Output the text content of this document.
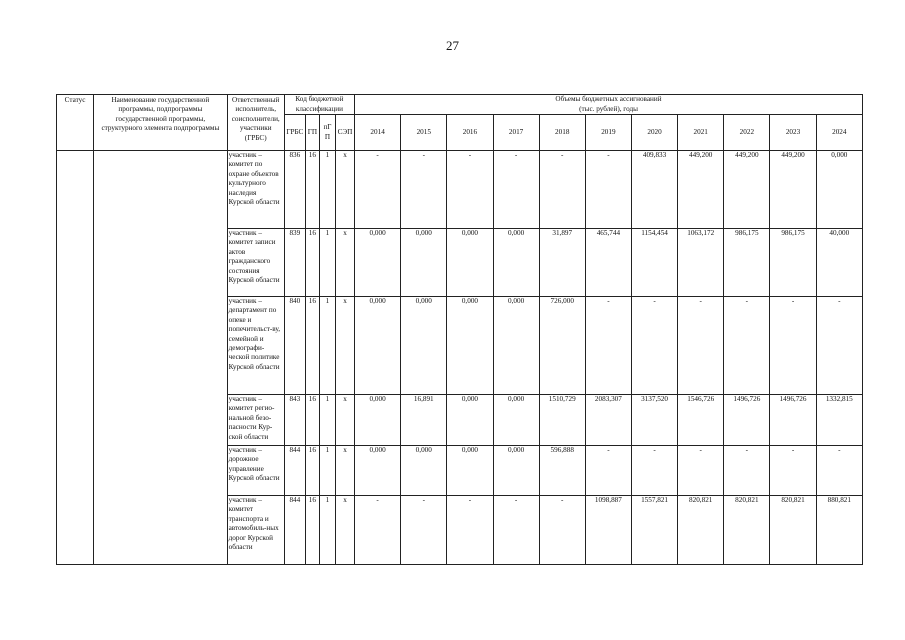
27
Статус	Наименование государственной программы, подпрограммы государственной программы, структурного элемента подпрограммы	Ответственный исполнитель, соисполнители, участники (ГРБС)	Код бюджетной классификации				Объемы бюджетных ассигнований
(тыс. рублей), годы										

			ГРБС	ГП	пГП	СЭП	2014	2015	2016	2017	2018	2019	2020	2021	2022	2023	2024
		участник – комитет по охране объектов культурного наследия Курской области	836	16	1	х	-	-	-	-	-	-	409,833	449,200	449,200	449,200	0,000
		участник – комитет записи актов гражданского состояния Курской области	839	16	1	х	0,000	0,000	0,000	0,000	31,897	465,744	1154,454	1063,172	986,175	986,175	40,000
		участник – департамент по опеке и попечительст-ву, семейной и демографи-ческой политике Курской области	840	16	1	х	0,000	0,000	0,000	0,000	726,000	-	-	-	-	-	-
		участник – комитет регио-нальной безо-пасности Кур-ской области	843	16	1	х	0,000	16,891	0,000	0,000	1510,729	2083,307	3137,520	1546,726	1496,726	1496,726	1332,815
		участник – дорожное управление Курской области	844	16	1	х	0,000	0,000	0,000	0,000	596,888	-	-	-	-	-	-
		участник – комитет транспорта и автомобиль-ных дорог Курской области	844	16	1	х	-	-	-	-	-	1098,887	1557,821	820,821	820,821	820,821	880,821
